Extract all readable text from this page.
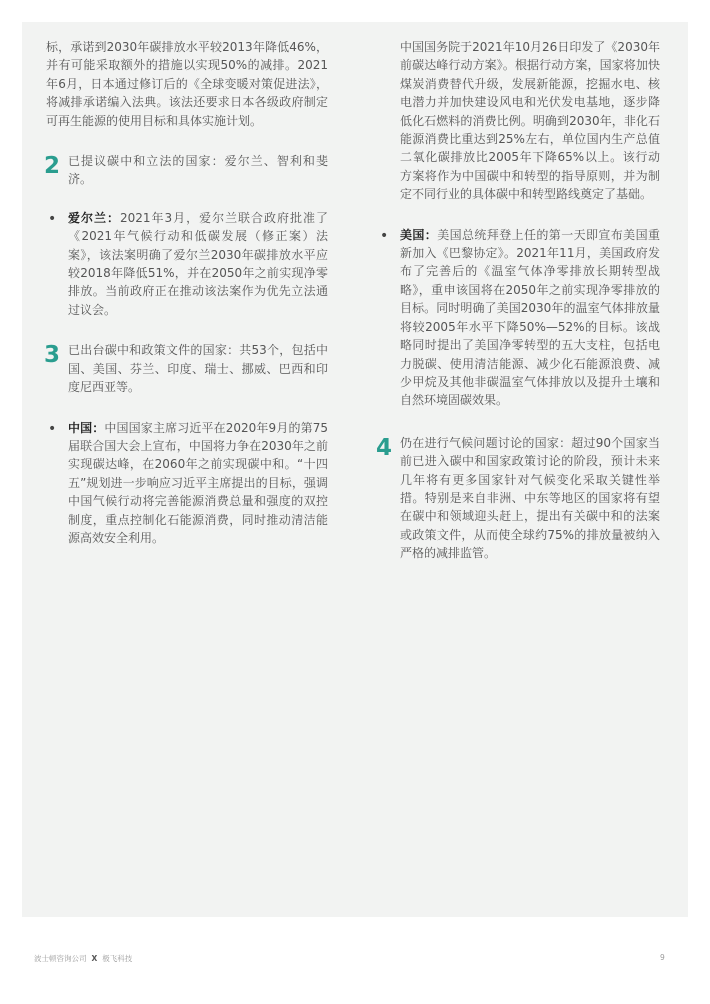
标，承诺到2030年碳排放水平较2013年降低46%，并有可能采取额外的措施以实现50%的减排。2021年6月，日本通过修订后的《全球变暖对策促进法》，将减排承诺编入法典。该法还要求日本各级政府制定可再生能源的使用目标和具体实施计划。

2 已提议碳中和立法的国家：爱尔兰、智利和斐济。

• 爱尔兰：2021年3月，爱尔兰联合政府批准了《2021年气候行动和低碳发展（修正案）法案》，该法案明确了爱尔兰2030年碳排放水平应较2018年降低51%，并在2050年之前实现净零排放。当前政府正在推动该法案作为优先立法通过议会。

3 已出台碳中和政策文件的国家：共53个，包括中国、美国、芬兰、印度、瑞士、挪威、巴西和印度尼西亚等。

• 中国：中国国家主席习近平在2020年9月的第75届联合国大会上宣布，中国将力争在2030年之前实现碳达峰，在2060年之前实现碳中和。“十四五”规划进一步响应习近平主席提出的目标，强调中国气候行动将完善能源消费总量和强度的双控制度，重点控制化石能源消费，同时推动清洁能源高效安全利用。

中国国务院于2021年10月26日印发了《2030年前碳达峰行动方案》。根据行动方案，国家将加快煤炭消费替代升级，发展新能源，挖掘水电、核电潜力并加快建设风电和光伏发电基地，逐步降低化石燃料的消费比例。明确到2030年，非化石能源消费比重达到25%左右，单位国内生产总值二氧化碳排放比2005年下降65%以上。该行动方案将作为中国碳中和转型的指导原则，并为制定不同行业的具体碳中和转型路线奠定了基础。

• 美国：美国总统拜登上任的第一天即宣布美国重新加入《巴黎协定》。2021年11月，美国政府发布了完善后的《温室气体净零排放长期转型战略》，重申该国将在2050年之前实现净零排放的目标。同时明确了美国2030年的温室气体排放量将较2005年水平下降50%—52%的目标。该战略同时提出了美国净零转型的五大支柱，包括电力脱碳、使用清洁能源、减少化石能源浪费、减少甲烷及其他非碳温室气体排放以及提升土壤和自然环境固碳效果。

4 仍在进行气候问题讨论的国家：超过90个国家当前已进入碳中和国家政策讨论的阶段，预计未来几年将有更多国家针对气候变化采取关键性举措。特别是来自非洲、中东等地区的国家将有望在碳中和领域迎头赶上，提出有关碳中和的法案或政策文件，从而使全球约75%的排放量被纳入严格的减排监管。

波士顿咨询公司 X 极飞科技	9
